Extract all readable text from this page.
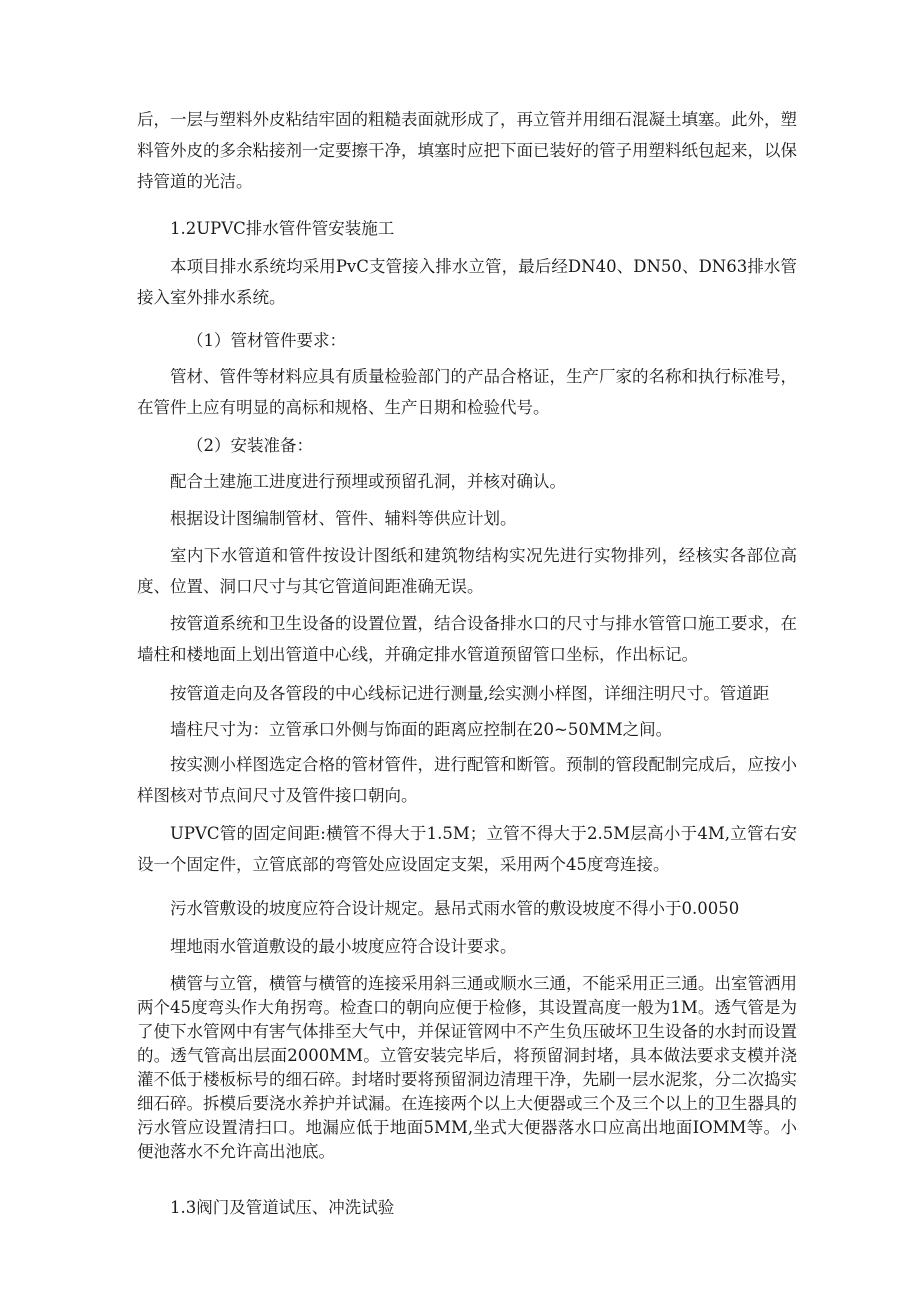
后，一层与塑料外皮粘结牢固的粗糙表面就形成了，再立管并用细石混凝土填塞。此外，塑料管外皮的多余粘接剂一定要擦干净，填塞时应把下面已装好的管子用塑料纸包起来，以保持管道的光洁。

1.2UPVC排水管件管安装施工

本项目排水系统均采用PvC支管接入排水立管，最后经DN40、DN50、DN63排水管接入室外排水系统。

（1）管材管件要求：

管材、管件等材料应具有质量检验部门的产品合格证，生产厂家的名称和执行标准号，在管件上应有明显的高标和规格、生产日期和检验代号。

（2）安装准备：

配合土建施工进度进行预埋或预留孔洞，并核对确认。

根据设计图编制管材、管件、辅料等供应计划。

室内下水管道和管件按设计图纸和建筑物结构实况先进行实物排列，经核实各部位高度、位置、洞口尺寸与其它管道间距准确无误。

按管道系统和卫生设备的设置位置，结合设备排水口的尺寸与排水管管口施工要求，在墙柱和楼地面上划出管道中心线，并确定排水管道预留管口坐标，作出标记。

按管道走向及各管段的中心线标记进行测量,绘实测小样图，详细注明尺寸。管道距

墙柱尺寸为：立管承口外侧与饰面的距离应控制在20~50MM之间。

按实测小样图选定合格的管材管件，进行配管和断管。预制的管段配制完成后，应按小样图核对节点间尺寸及管件接口朝向。

UPVC管的固定间距:横管不得大于1.5M；立管不得大于2.5M层高小于4M,立管右安设一个固定件，立管底部的弯管处应设固定支架，采用两个45度弯连接。

污水管敷设的坡度应符合设计规定。悬吊式雨水管的敷设坡度不得小于0.0050

埋地雨水管道敷设的最小坡度应符合设计要求。

横管与立管，横管与横管的连接采用斜三通或顺水三通，不能采用正三通。出室管洒用两个45度弯头作大角拐弯。检查口的朝向应便于检修，其设置高度一般为1M。透气管是为了使下水管网中有害气体排至大气中，并保证管网中不产生负压破坏卫生设备的水封而设置的。透气管高出层面2000MM。立管安装完毕后，将预留洞封堵，具本做法要求支模并浇灌不低于楼板标号的细石碎。封堵时要将预留洞边清理干净，先刷一层水泥浆，分二次捣实细石碎。拆模后要浇水养护并试漏。在连接两个以上大便器或三个及三个以上的卫生器具的污水管应设置清扫口。地漏应低于地面5MM,坐式大便器落水口应高出地面IOMM等。小便池落水不允许高出池底。

1.3阀门及管道试压、冲洗试验
